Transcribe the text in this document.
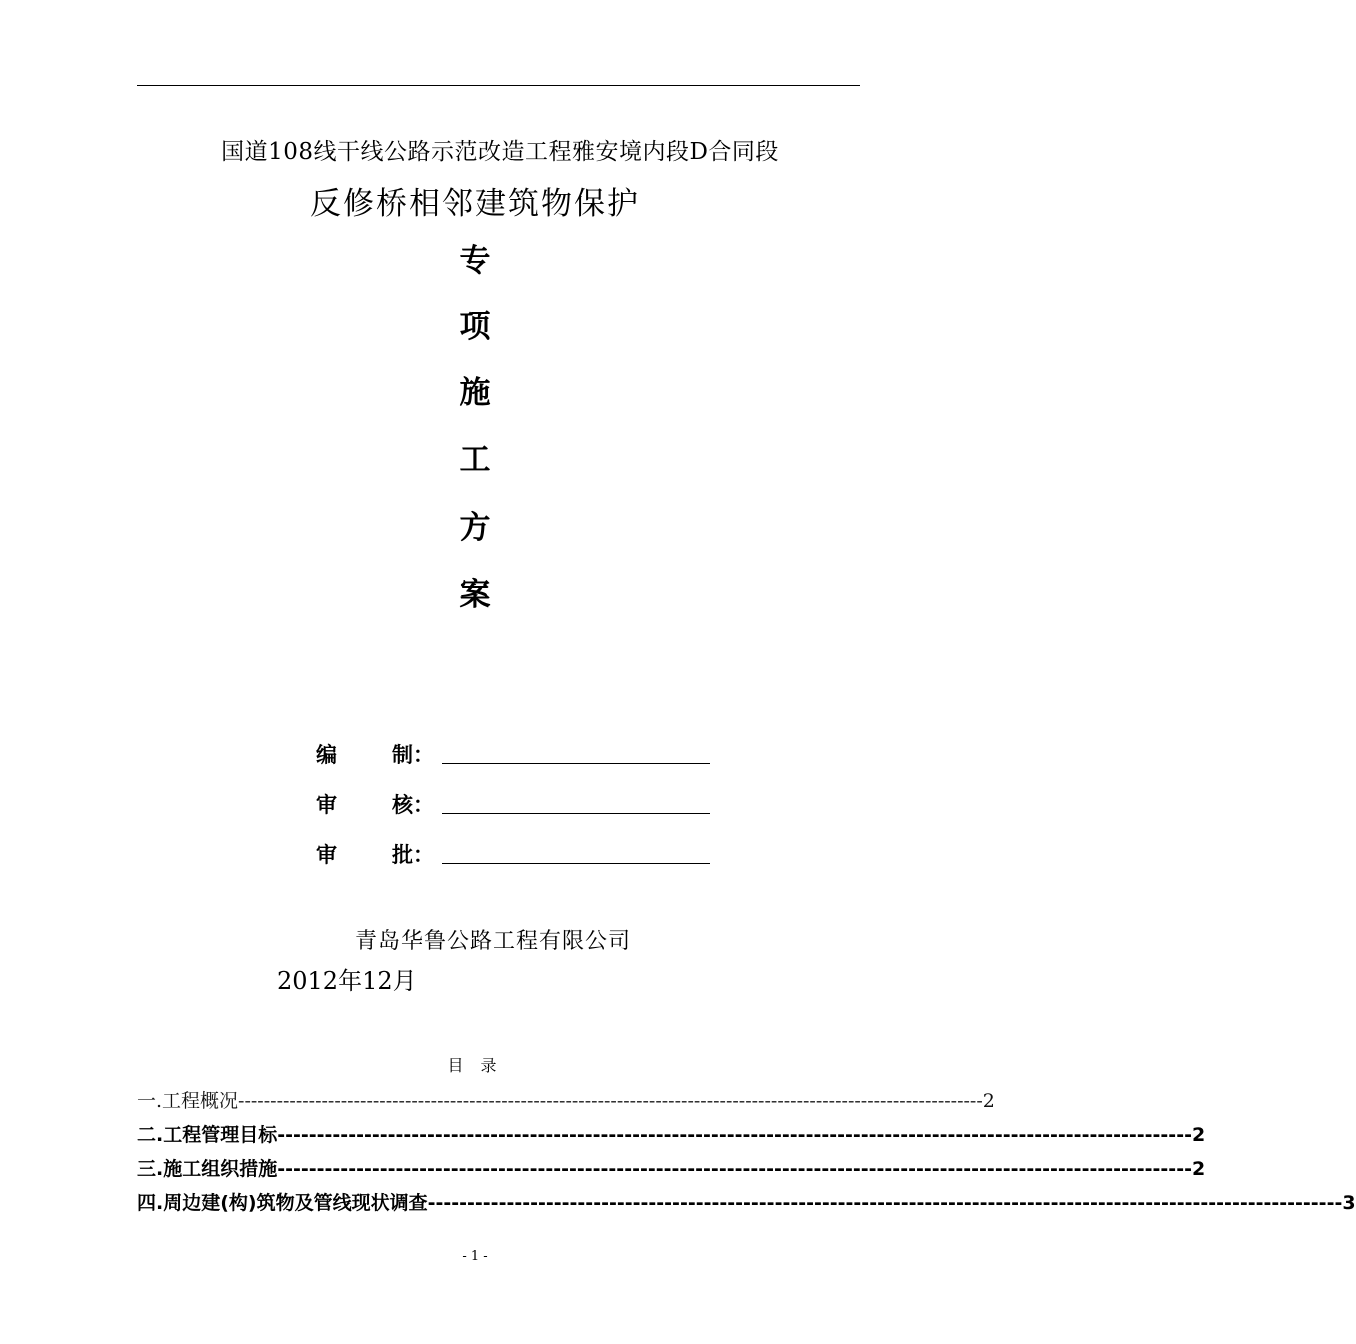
国道108线干线公路示范改造工程雅安境内段D合同段
反修桥相邻建筑物保护
专
项
施
工
方
案
编	制：
审	核：
审	批：
青岛华鲁公路工程有限公司
2012年12月
目 录
一.工程概况 -------------------------------------------------------------------------------------------------------------------- 2
二.工程管理目标 -------------------------------------------------------------------------------------------------------------------- 2
三.施工组织措施 -------------------------------------------------------------------------------------------------------------------- 2
四.周边建(构)筑物及管线现状调查 -------------------------------------------------------------------------------------------------------------------- 3
- 1 -
